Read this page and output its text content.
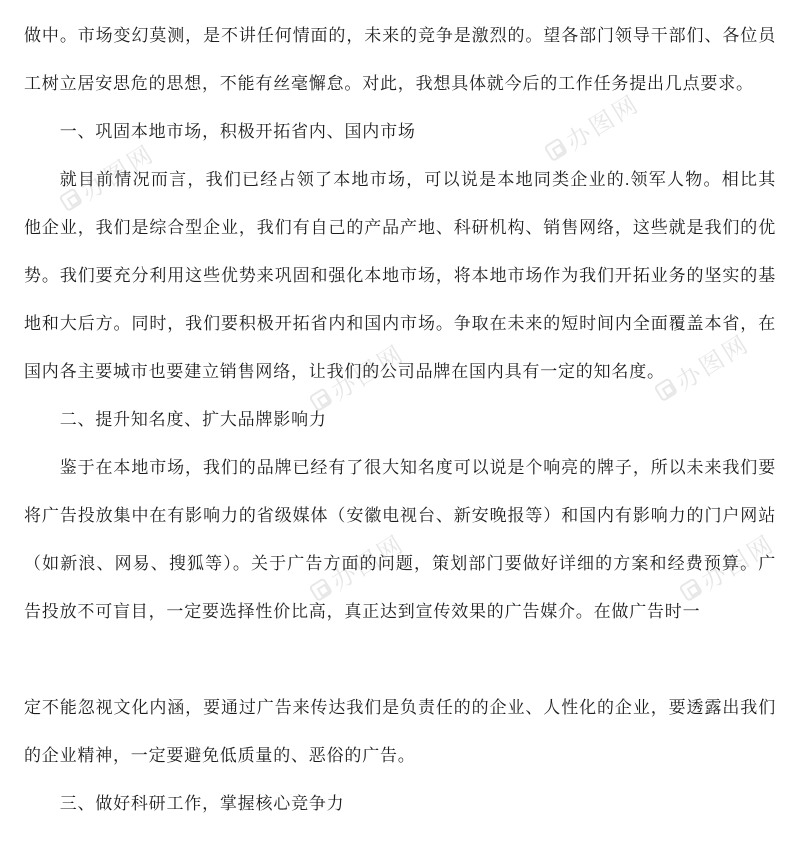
办图网
办图网
办图网	办图网
办图网	办图网

做中。市场变幻莫测，是不讲任何情面的，未来的竞争是激烈的。望各部门领导干部们、各位员工树立居安思危的思想，不能有丝毫懈怠。对此，我想具体就今后的工作任务提出几点要求。

一、巩固本地市场，积极开拓省内、国内市场

就目前情况而言，我们已经占领了本地市场，可以说是本地同类企业的.领军人物。相比其他企业，我们是综合型企业，我们有自己的产品产地、科研机构、销售网络，这些就是我们的优势。我们要充分利用这些优势来巩固和强化本地市场，将本地市场作为我们开拓业务的坚实的基地和大后方。同时，我们要积极开拓省内和国内市场。争取在未来的短时间内全面覆盖本省，在国内各主要城市也要建立销售网络，让我们的公司品牌在国内具有一定的知名度。

二、提升知名度、扩大品牌影响力

鉴于在本地市场，我们的品牌已经有了很大知名度可以说是个响亮的牌子，所以未来我们要将广告投放集中在有影响力的省级媒体（安徽电视台、新安晚报等）和国内有影响力的门户网站（如新浪、网易、搜狐等）。关于广告方面的问题，策划部门要做好详细的方案和经费预算。广告投放不可盲目，一定要选择性价比高，真正达到宣传效果的广告媒介。在做广告时一

定不能忽视文化内涵，要通过广告来传达我们是负责任的的企业、人性化的企业，要透露出我们的企业精神，一定要避免低质量的、恶俗的广告。

三、做好科研工作，掌握核心竞争力
